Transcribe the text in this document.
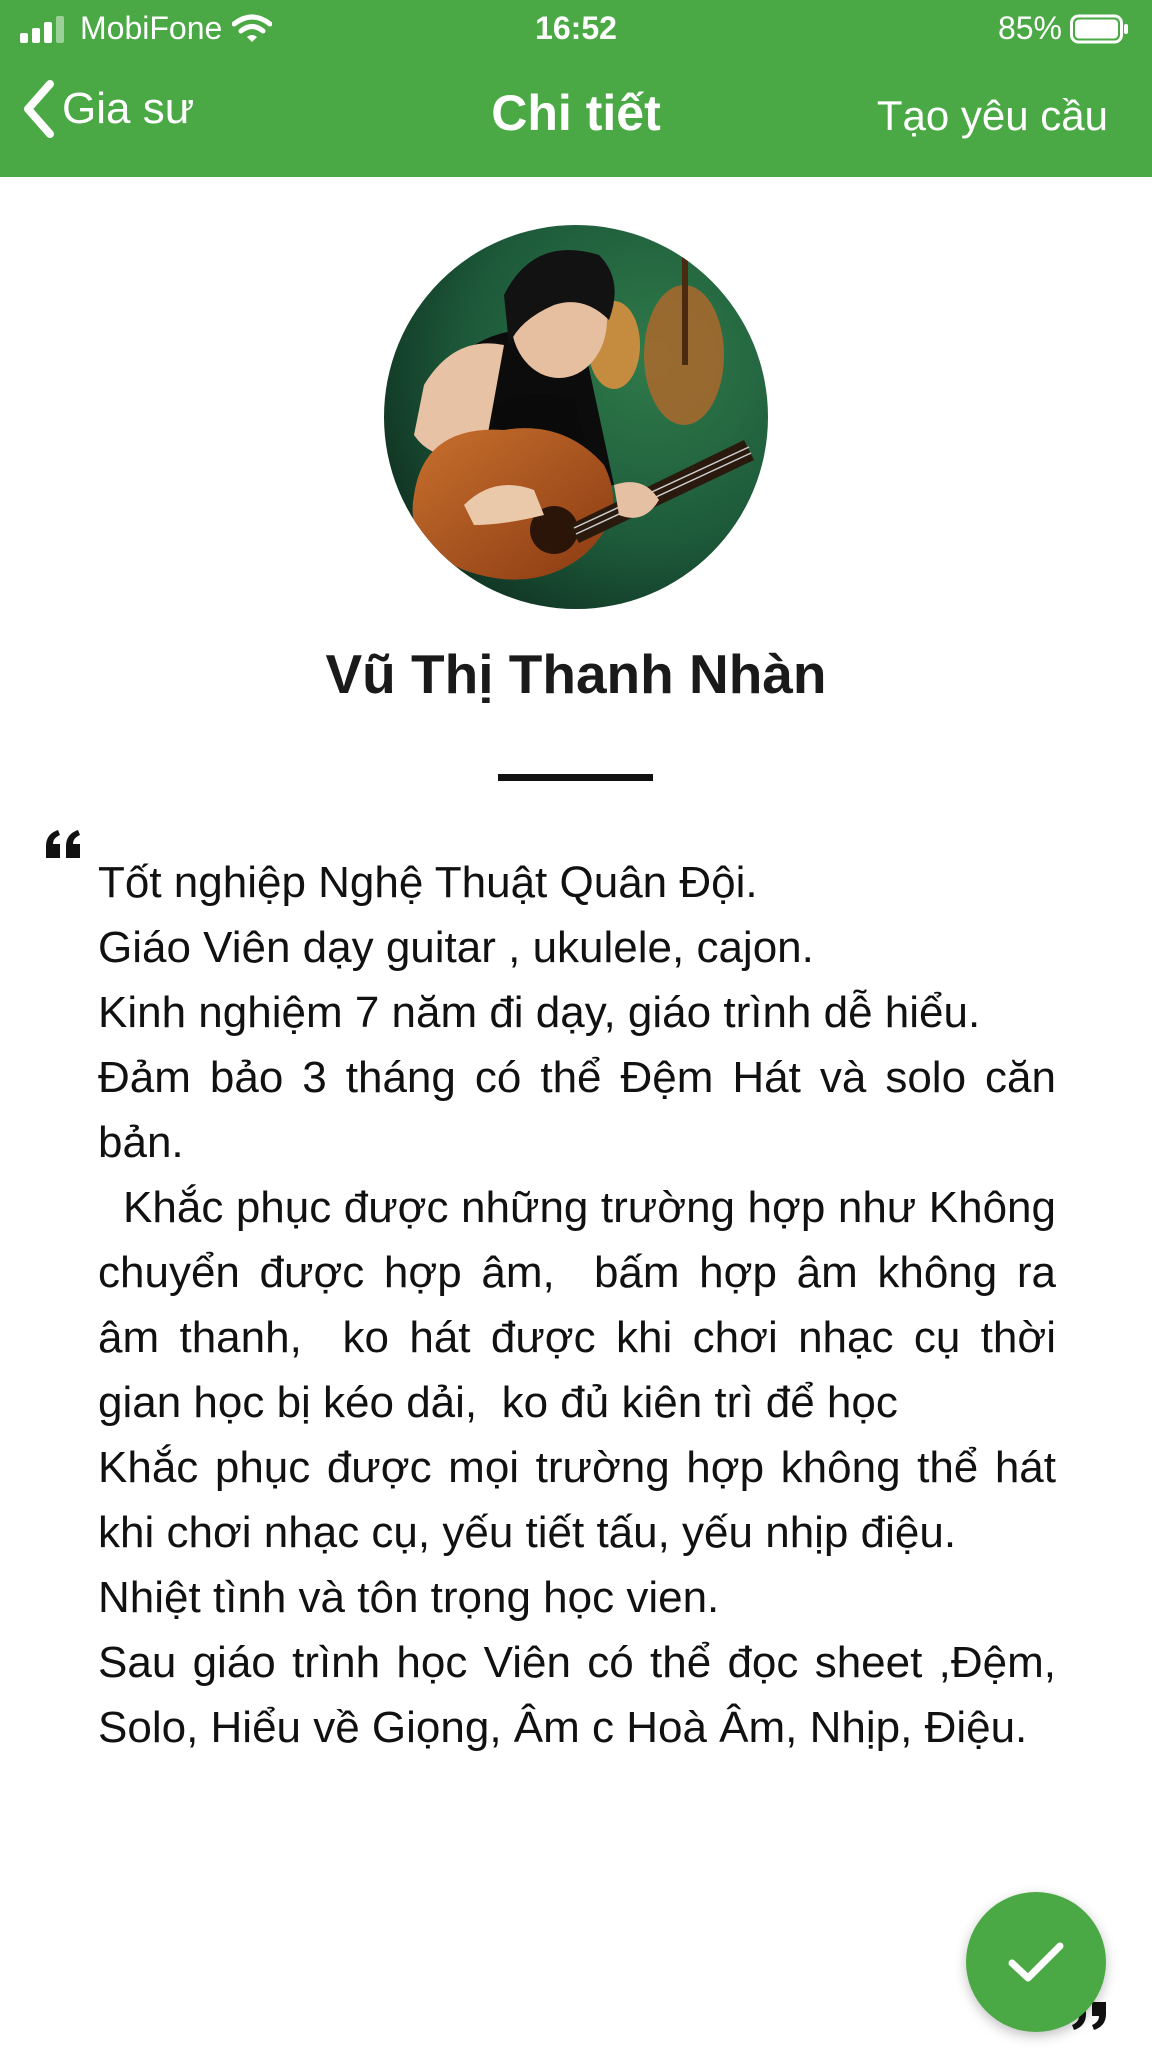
MobiFone	16:52	85%
Gia sư	Chi tiết	Tạo yêu cầu
Vũ Thị Thanh Nhàn

Tốt nghiệp Nghệ Thuật Quân Đội.

Giáo Viên dạy guitar , ukulele, cajon.

Kinh nghiệm 7 năm đi dạy, giáo trình dễ hiểu.

Đảm bảo 3 tháng có thể Đệm Hát và solo căn bản.

Khắc phục được những trường hợp như Không chuyển được hợp âm,  bấm hợp âm không ra  âm thanh,  ko hát được khi chơi nhạc cụ thời gian học bị kéo dải,  ko đủ kiên trì để học

Khắc phục được mọi trường hợp không thể hát khi chơi nhạc cụ, yếu tiết tấu, yếu nhịp điệu.

Nhiệt tình và tôn trọng học vien.

Sau giáo trình học Viên có thể đọc sheet ,Đệm, Solo, Hiểu về Giọng, Âm c Hoà Âm, Nhịp, Điệu.
